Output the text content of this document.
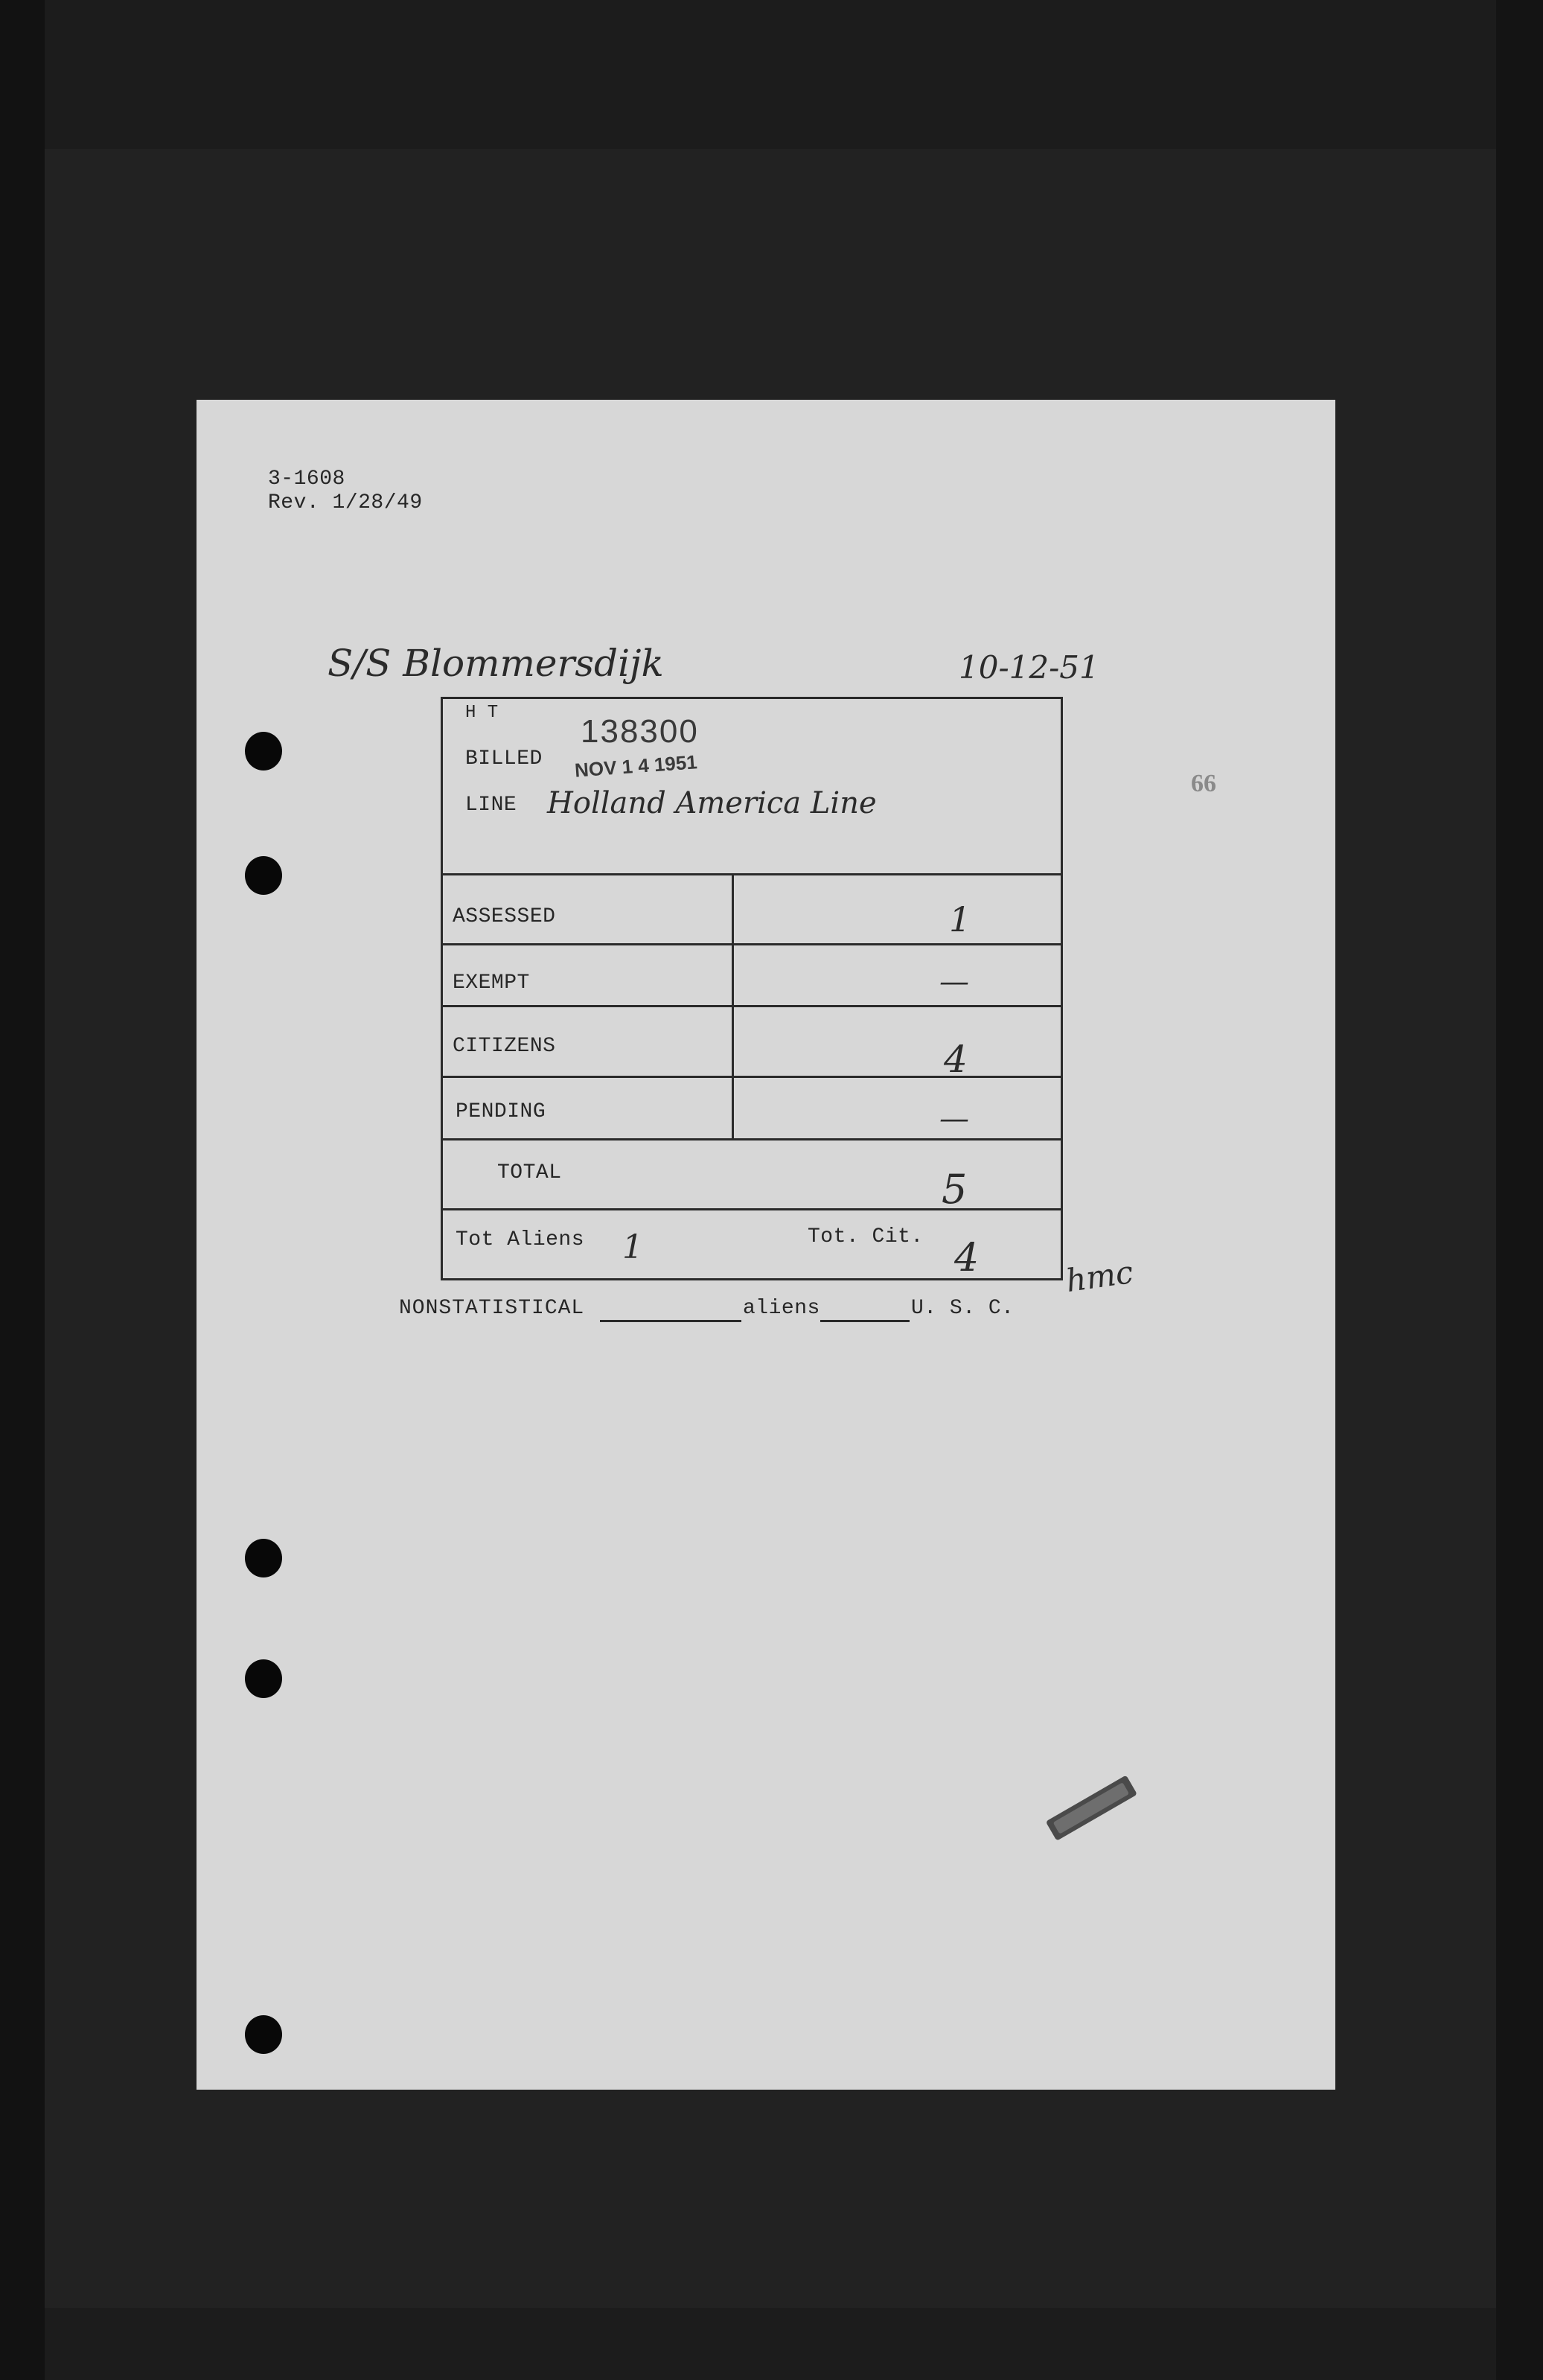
3-1608
Rev. 1/28/49
S/S Blommersdijk	10-12-51
H T
138300
BILLED NOV 1 4 1951
LINE Holland America Line
ASSESSED	1
EXEMPT	—
CITIZENS	4
PENDING	—
TOTAL	5
Tot Aliens 1	Tot. Cit. 4	hmc
NONSTATISTICAL	aliens	U. S. C.
66
